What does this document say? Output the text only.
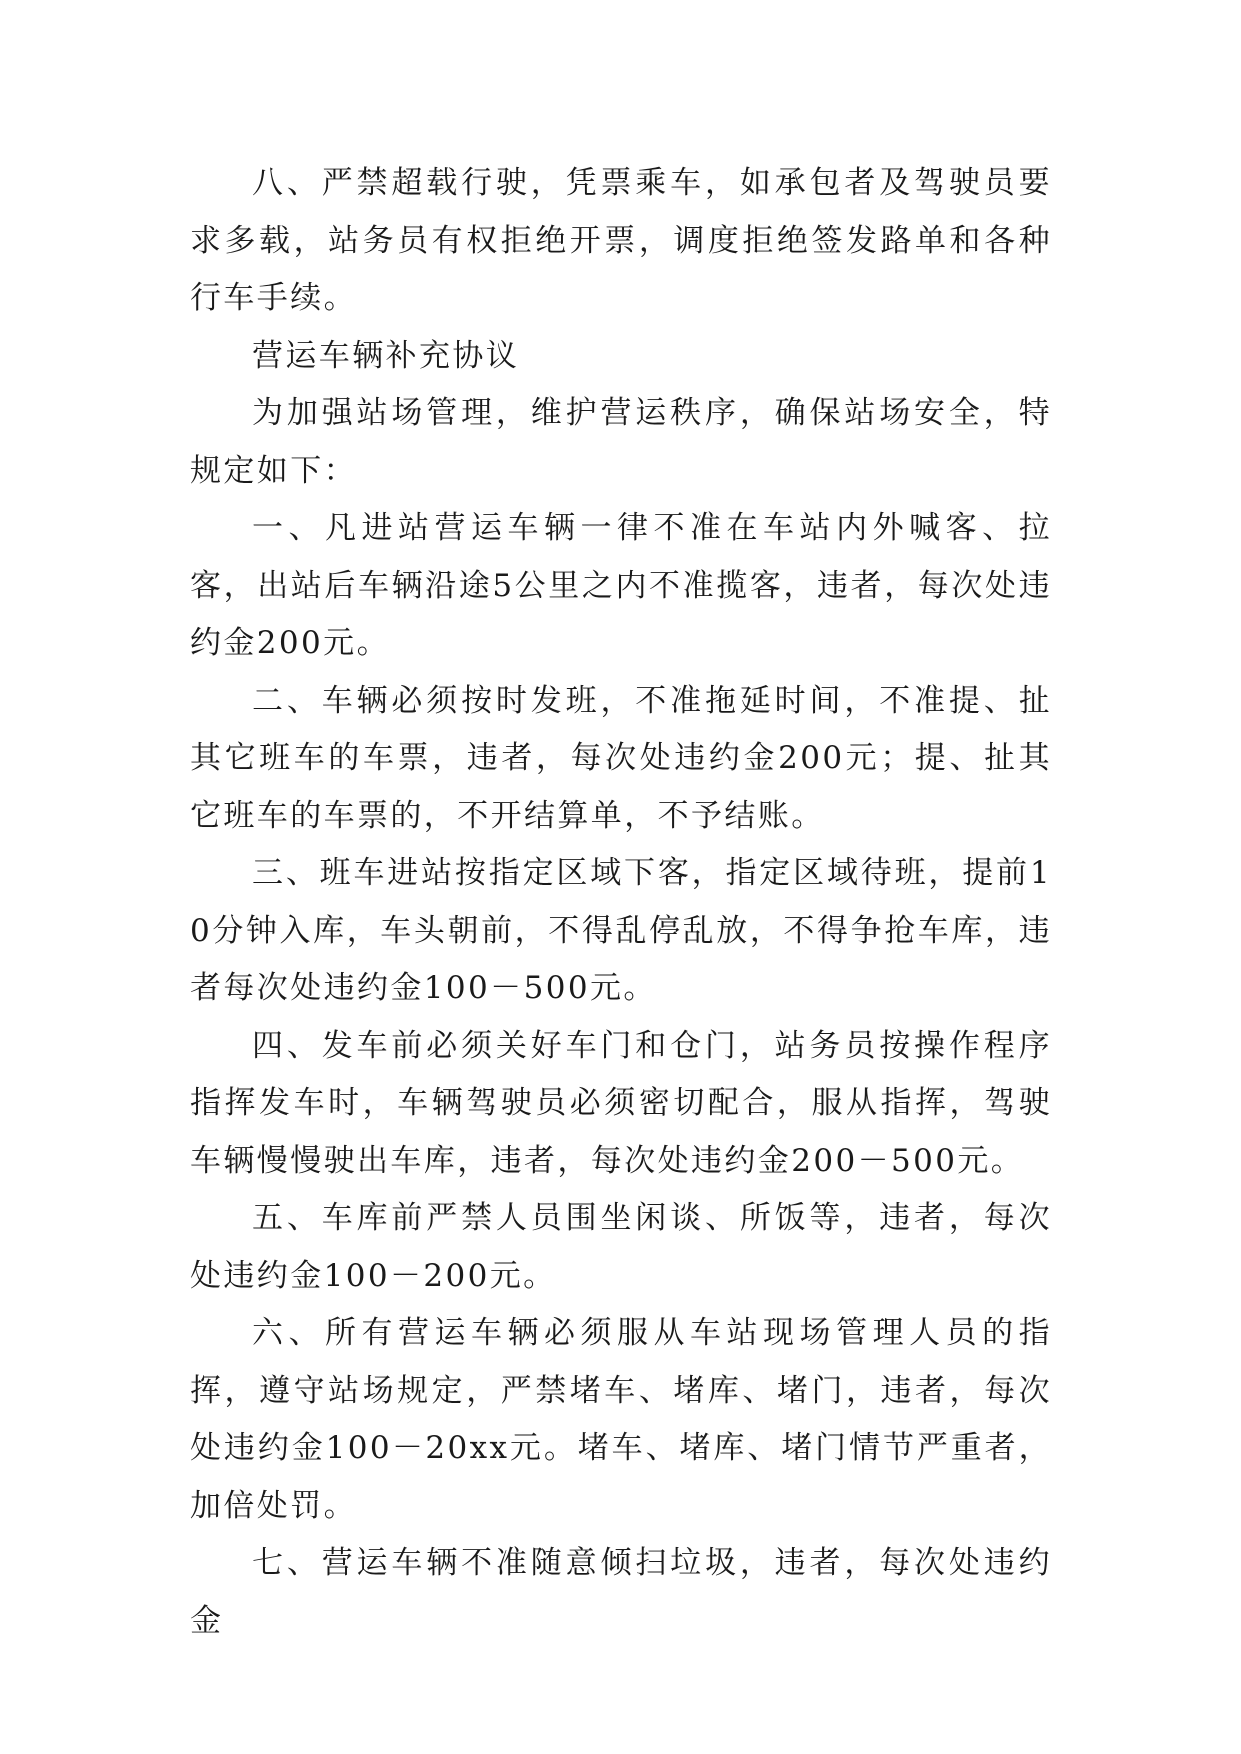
八、严禁超载行驶，凭票乘车，如承包者及驾驶员要求多载，站务员有权拒绝开票，调度拒绝签发路单和各种行车手续。

营运车辆补充协议

为加强站场管理，维护营运秩序，确保站场安全，特规定如下：

一、凡进站营运车辆一律不准在车站内外喊客、拉客，出站后车辆沿途5公里之内不准揽客，违者，每次处违约金200元。

二、车辆必须按时发班，不准拖延时间，不准提、扯其它班车的车票，违者，每次处违约金200元；提、扯其它班车的车票的，不开结算单，不予结账。

三、班车进站按指定区域下客，指定区域待班，提前10分钟入库，车头朝前，不得乱停乱放，不得争抢车库，违者每次处违约金100－500元。

四、发车前必须关好车门和仓门，站务员按操作程序指挥发车时，车辆驾驶员必须密切配合，服从指挥，驾驶车辆慢慢驶出车库，违者，每次处违约金200－500元。

五、车库前严禁人员围坐闲谈、所饭等，违者，每次处违约金100－200元。

六、所有营运车辆必须服从车站现场管理人员的指挥，遵守站场规定，严禁堵车、堵库、堵门，违者，每次处违约金100－20xx元。堵车、堵库、堵门情节严重者，加倍处罚。

七、营运车辆不准随意倾扫垃圾，违者，每次处违约金
